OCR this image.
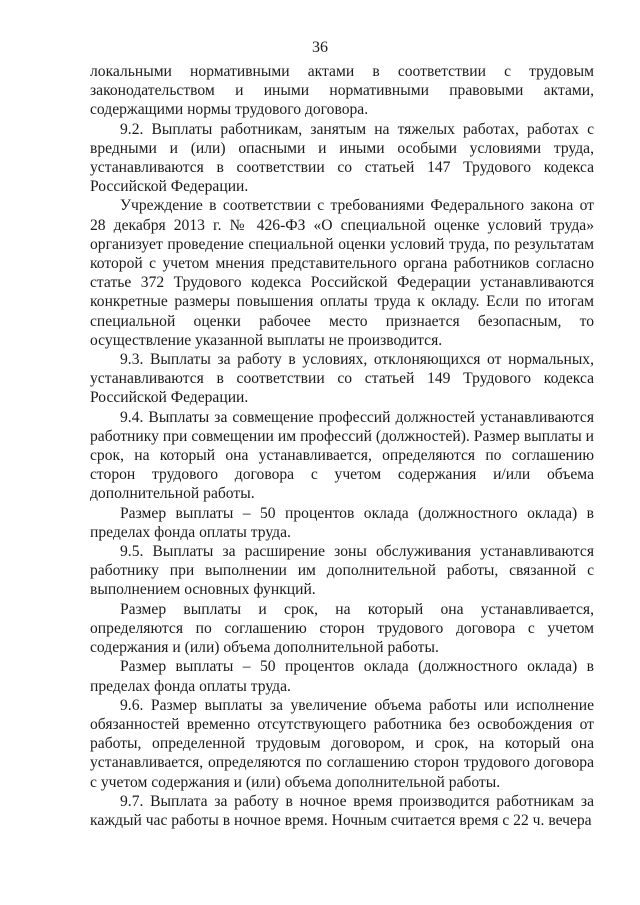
36

локальными нормативными актами в соответствии с трудовым законодательством и иными нормативными правовыми актами, содержащими нормы трудового договора.

9.2. Выплаты работникам, занятым на тяжелых работах, работах с вредными и (или) опасными и иными особыми условиями труда, устанавливаются в соответствии со статьей 147 Трудового кодекса Российской Федерации.

Учреждение в соответствии с требованиями Федерального закона от 28 декабря 2013 г. № 426-ФЗ «О специальной оценке условий труда» организует проведение специальной оценки условий труда, по результатам которой с учетом мнения представительного органа работников согласно статье 372 Трудового кодекса Российской Федерации устанавливаются конкретные размеры повышения оплаты труда к окладу. Если по итогам специальной оценки рабочее место признается безопасным, то осуществление указанной выплаты не производится.

9.3. Выплаты за работу в условиях, отклоняющихся от нормальных, устанавливаются в соответствии со статьей 149 Трудового кодекса Российской Федерации.

9.4. Выплаты за совмещение профессий должностей устанавливаются работнику при совмещении им профессий (должностей). Размер выплаты и срок, на который она устанавливается, определяются по соглашению сторон трудового договора с учетом содержания и/или объема дополнительной работы.

Размер выплаты – 50 процентов оклада (должностного оклада) в пределах фонда оплаты труда.

9.5. Выплаты за расширение зоны обслуживания устанавливаются работнику при выполнении им дополнительной работы, связанной с выполнением основных функций.

Размер выплаты и срок, на который она устанавливается, определяются по соглашению сторон трудового договора с учетом содержания и (или) объема дополнительной работы.

Размер выплаты – 50 процентов оклада (должностного оклада) в пределах фонда оплаты труда.

9.6. Размер выплаты за увеличение объема работы или исполнение обязанностей временно отсутствующего работника без освобождения от работы, определенной трудовым договором, и срок, на который она устанавливается, определяются по соглашению сторон трудового договора с учетом содержания и (или) объема дополнительной работы.

9.7. Выплата за работу в ночное время производится работникам за каждый час работы в ночное время. Ночным считается время с 22 ч. вечера
